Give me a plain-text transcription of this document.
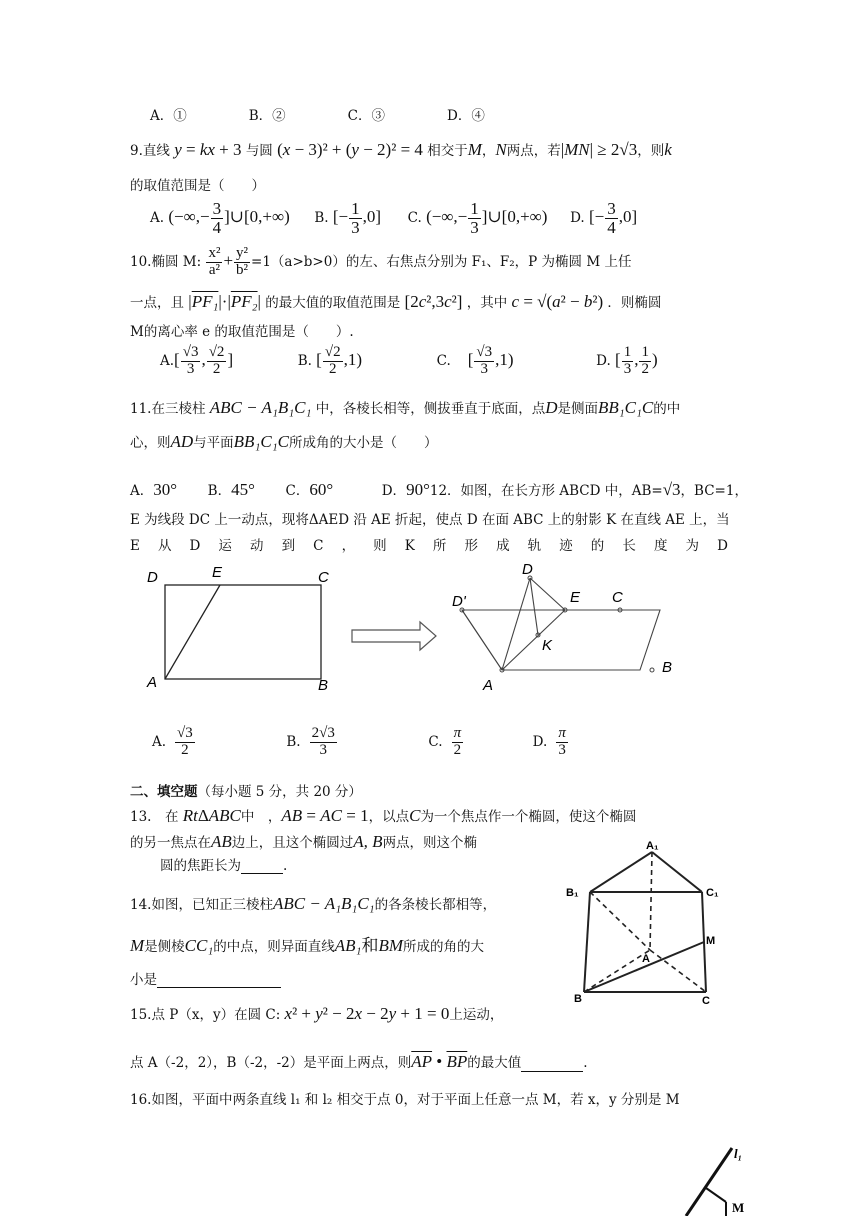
A．①	B．②	C．③	D．④
9.直线 y = kx + 3 与圆 (x − 3)² + (y − 2)² = 4 相交于M，N两点，若|MN| ≥ 2√3，则k
的取值范围是（　　）
A. (−∞,− $\frac{3}{4}$ ]∪[0,+∞) B. [− $\frac{1}{3} ,0$] C. (−∞,− $\frac{1}{3}$ ]∪[0,+∞) D. [− $\frac{3}{4} ,0$]
10.椭圆 M: $\frac{\text{x²}}{\text{a²}} + \frac{\text{y²}}{\text{b²}} =1(a>b>0)$的左、右焦点分别为 F₁、F₂，P 为椭圆 M 上任
一点，且 |PF₁|·|PF₂| 的最大值的取值范围是 [2c²,3c²] ，其中 c = √(a² − b²) ．则椭圆
M的离心率 e 的取值范围是（　　）.
$A.[ \frac{√3}{3}$ , $\frac{√2}{2}$ ]	B. [ $\frac{√2}{2} ,1$)	C.　[ $\frac{√3}{3} ,1$)	D. [ $\frac{1}{3}$ , $\frac{1}{2}$ )
11.在三棱柱 ABC − A₁B₁C₁ 中，各棱长相等，侧拔垂直于底面，点D是侧面BB₁C₁C的中
心，则AD与平面BB₁C₁C所成角的大小是（　　）
A．30° B．45° C．60°	D．90°12．如图，在长方形 ABCD 中，AB=√3，BC=1，
E 为线段 DC 上一动点，现将ΔAED 沿 AE 折起，使点 D 在面 ABC 上的射影 K 在直线 AE 上，当
E 从 D 运 动 到 C ， 则 K 所 形 成 轨 迹 的 长 度 为 D
D	E	C
A	B
D
D'	E C
K
A
B
A. $\frac{√3}{2}$	B. $\frac{2√3}{3}$	C. $\frac{\pi}{2}$	D. $\frac{\pi}{3}$
二、填空题（每小题 5 分，共 20 分）
13.　在 RtΔABC中　，AB = AC = 1，以点C为一个焦点作一个椭圆，使这个椭圆
的另一焦点在AB边上，且这个椭圆过A, B两点，则这个椭
圆的焦距长为	.
14.如图，已知正三棱柱ABC − A₁B₁C₁的各条棱长都相等，
M是侧棱CC₁的中点，则异面直线AB₁和BM所成的角的大
小是
A₁
B₁	C₁
M
A
B	C
15.点 P（x，y）在圆 C: x² + y² − 2x − 2y + 1 = 0上运动，
点 A（-2，2），B（-2，-2）是平面上两点，则$\overline{AP}$ • $\overline{BP}$的最大值	.
16.如图，平面中两条直线 l₁ 和 l₂ 相交于点 0，对于平面上任意一点 M，若 x，y 分别是 M
l₁
M
